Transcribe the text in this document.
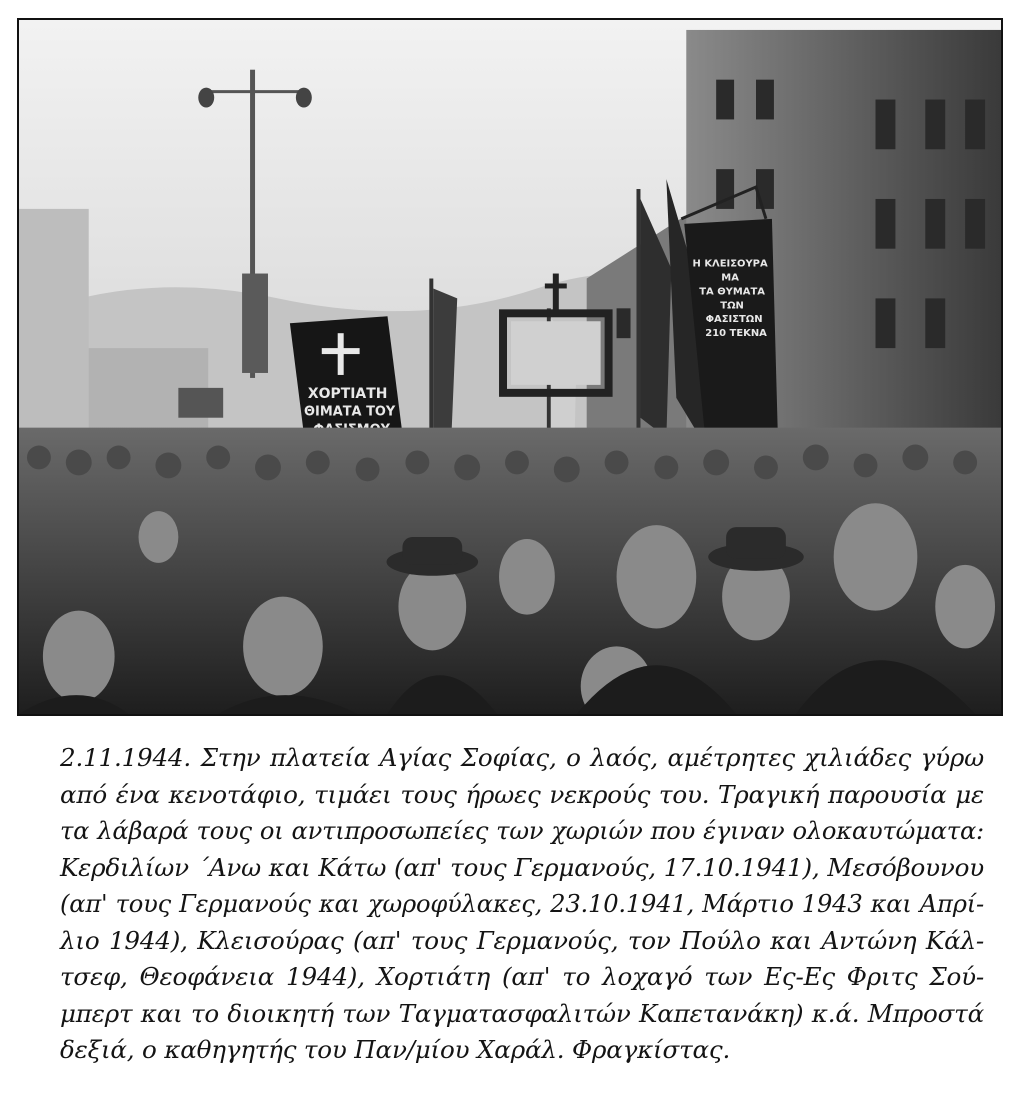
ΧΟΡΤΙΑΤΗ
ΘΙΜΑΤΑ ΤΟΥ
Η ΚΛΕΙΣΟΥΡΑ
ΜΑ
ΤΑ ΘΥΜΑΤΑ
ΤΩΝ
ΦΑΣΙΣΤΩΝ
210 ΤΕΚΝΑ
2.11.1944. Στην πλατεία Αγίας Σοφίας, ο λαός, αμέτρητες χιλιάδες γύρω
από ένα κενοτάφιο, τιμάει τους ήρωες νεκρούς του. Τραγική παρουσία με
τα λάβαρά τους οι αντιπροσωπείες των χωριών που έγιναν ολοκαυτώματα:
Κερδιλίων ΄Ανω και Κάτω (απ' τους Γερμανούς, 17.10.1941), Μεσόβουνου
(απ' τους Γερμανούς και χωροφύλακες, 23.10.1941, Μάρτιο 1943 και Απρί-
λιο 1944), Κλεισούρας (απ' τους Γερμανούς, τον Πούλο και Αντώνη Κάλ-
τσεφ, Θεοφάνεια 1944), Χορτιάτη (απ' το λοχαγό των Ες-Ες Φριτς Σού-
μπερτ και το διοικητή των Ταγματασφαλιτών Καπετανάκη) κ.ά. Μπροστά
δεξιά, ο καθηγητής του Παν/μίου Χαράλ. Φραγκίστας.
